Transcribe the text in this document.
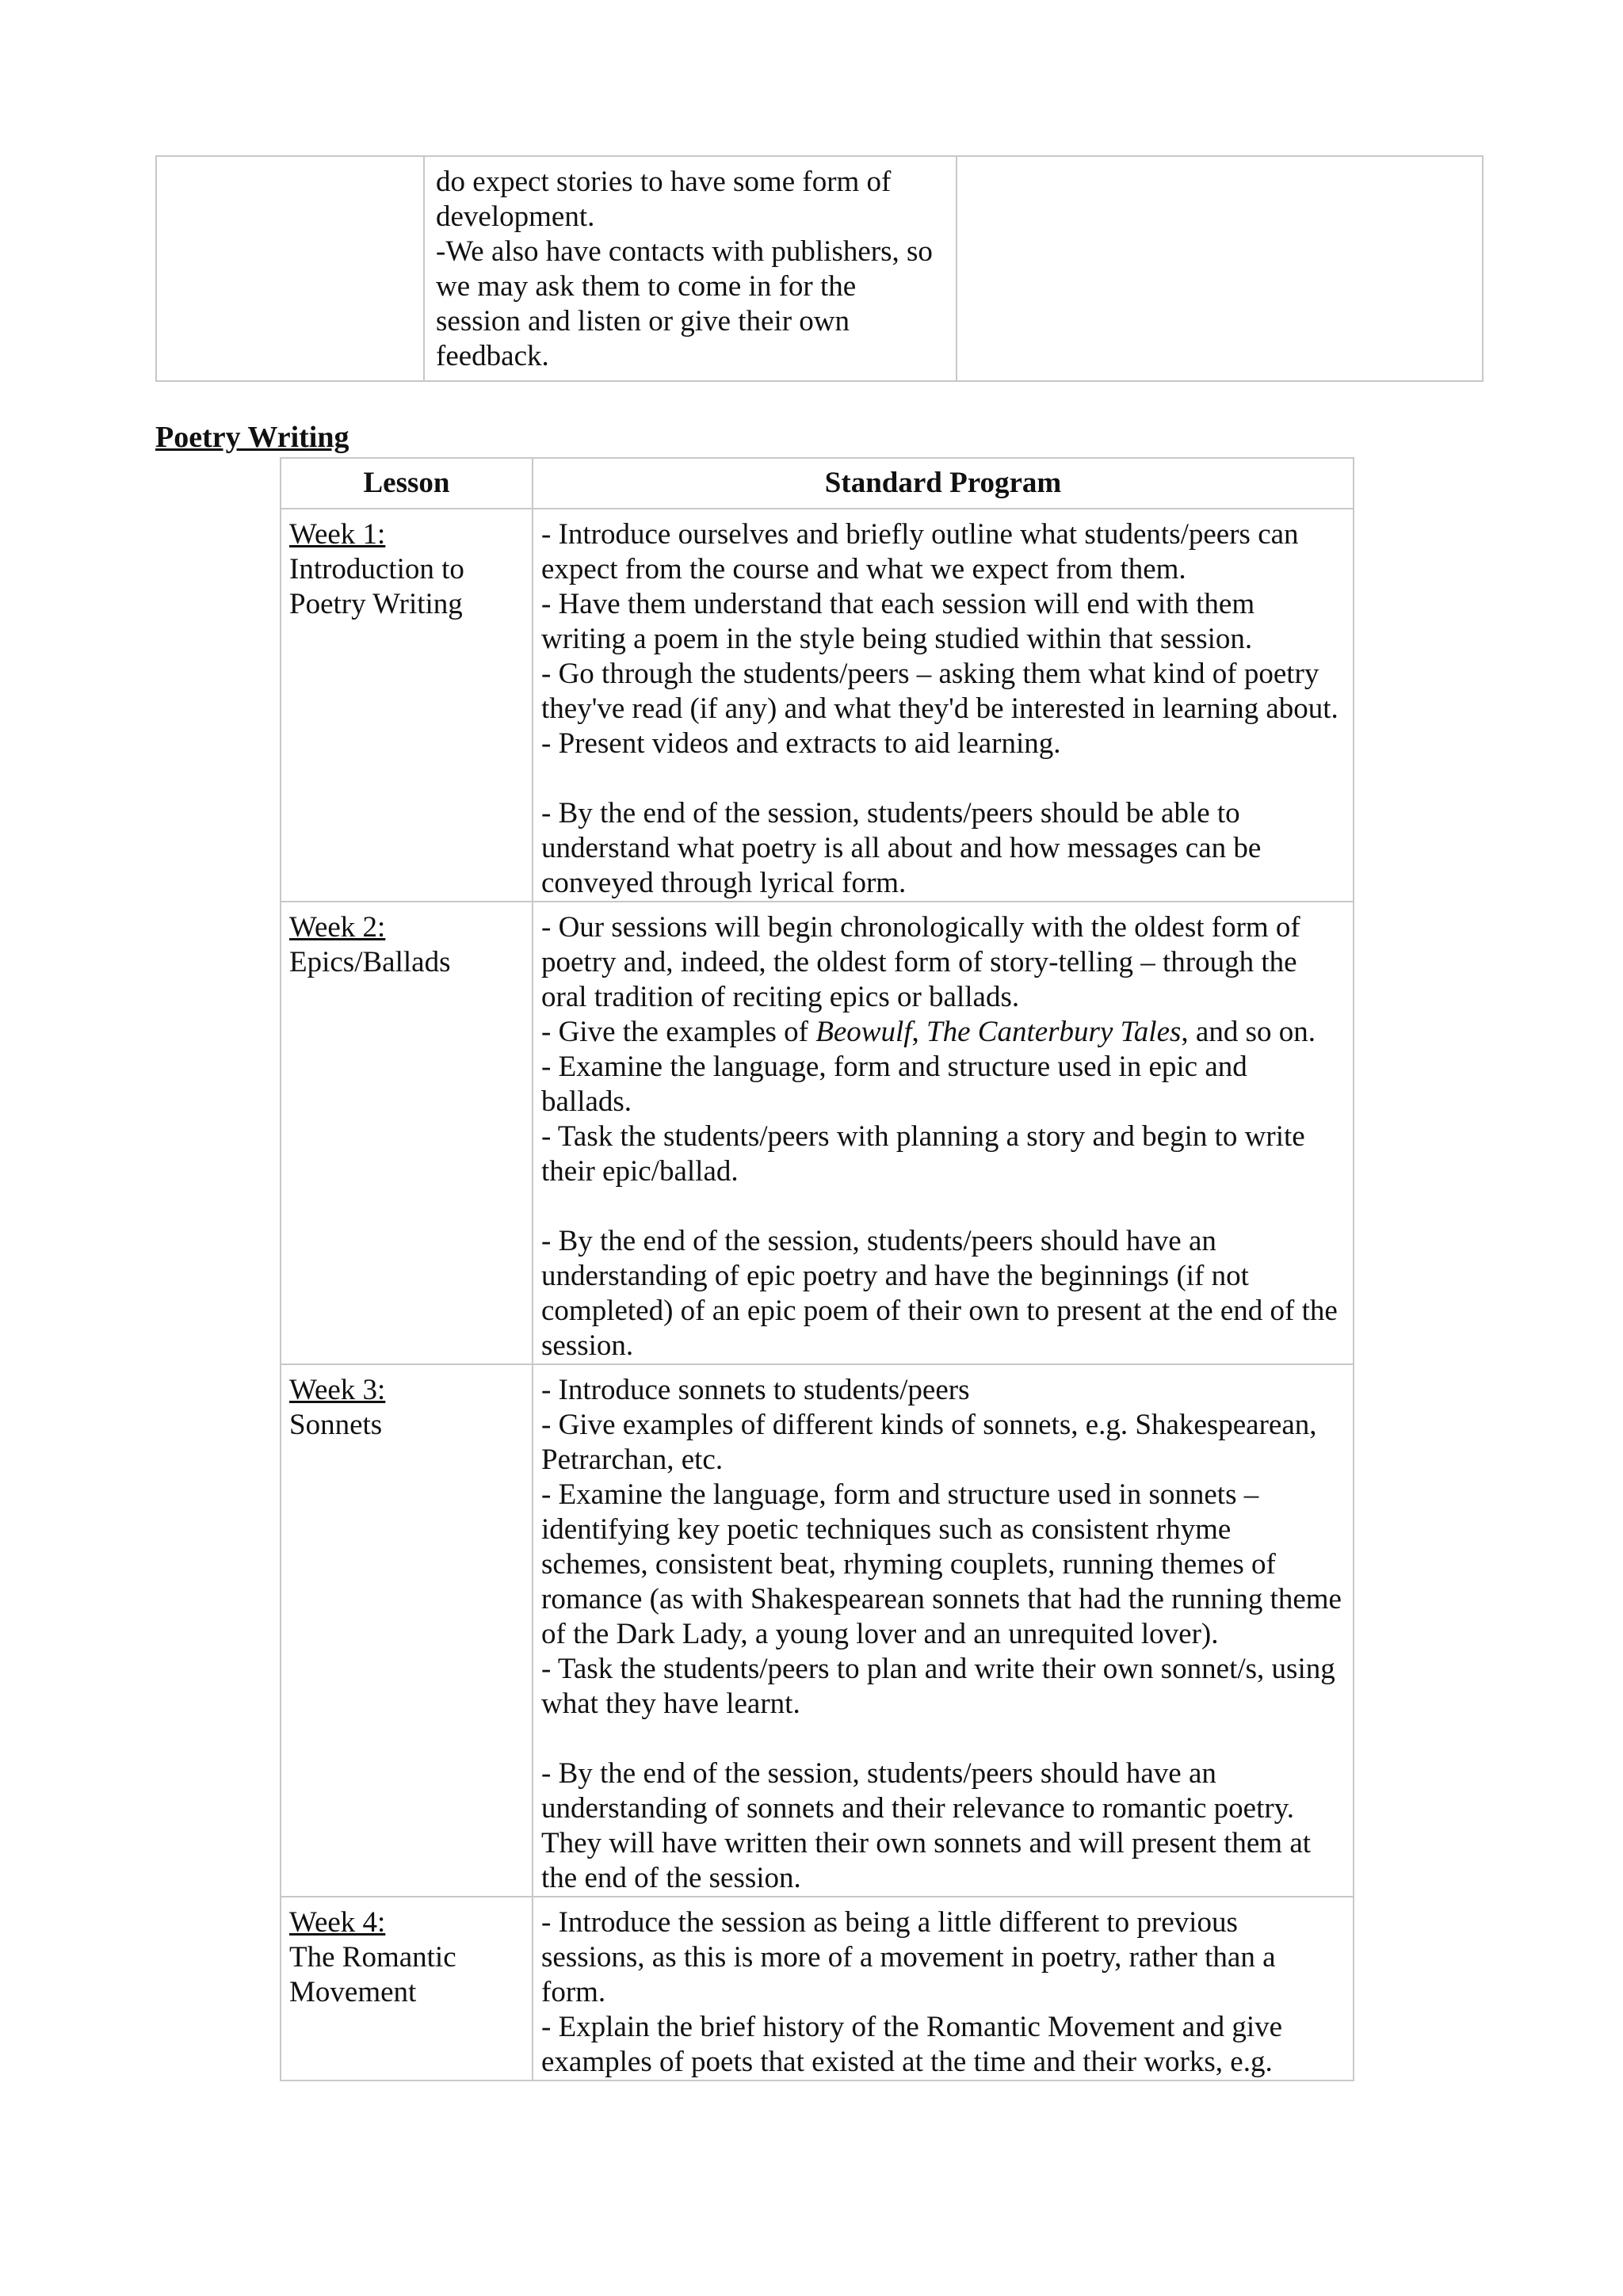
do expect stories to have some form of development.
-We also have contacts with publishers, so we may ask them to come in for the session and listen or give their own feedback.

Poetry Writing
Lesson	Standard Program

Week 1:
Introduction to Poetry Writing	- Introduce ourselves and briefly outline what students/peers can expect from the course and what we expect from them.
- Have them understand that each session will end with them writing a poem in the style being studied within that session.
- Go through the students/peers – asking them what kind of poetry they've read (if any) and what they'd be interested in learning about.
- Present videos and extracts to aid learning.
- By the end of the session, students/peers should be able to understand what poetry is all about and how messages can be conveyed through lyrical form.

Week 2:
Epics/Ballads	- Our sessions will begin chronologically with the oldest form of poetry and, indeed, the oldest form of story-telling – through the oral tradition of reciting epics or ballads.
- Give the examples of Beowulf, The Canterbury Tales, and so on.
- Examine the language, form and structure used in epic and ballads.
- Task the students/peers with planning a story and begin to write their epic/ballad.
- By the end of the session, students/peers should have an understanding of epic poetry and have the beginnings (if not completed) of an epic poem of their own to present at the end of the session.

Week 3:
Sonnets	- Introduce sonnets to students/peers
- Give examples of different kinds of sonnets, e.g. Shakespearean, Petrarchan, etc.
- Examine the language, form and structure used in sonnets – identifying key poetic techniques such as consistent rhyme schemes, consistent beat, rhyming couplets, running themes of romance (as with Shakespearean sonnets that had the running theme of the Dark Lady, a young lover and an unrequited lover).
- Task the students/peers to plan and write their own sonnet/s, using what they have learnt.
- By the end of the session, students/peers should have an understanding of sonnets and their relevance to romantic poetry. They will have written their own sonnets and will present them at the end of the session.

Week 4:
The Romantic Movement	- Introduce the session as being a little different to previous sessions, as this is more of a movement in poetry, rather than a form.
- Explain the brief history of the Romantic Movement and give examples of poets that existed at the time and their works, e.g.
